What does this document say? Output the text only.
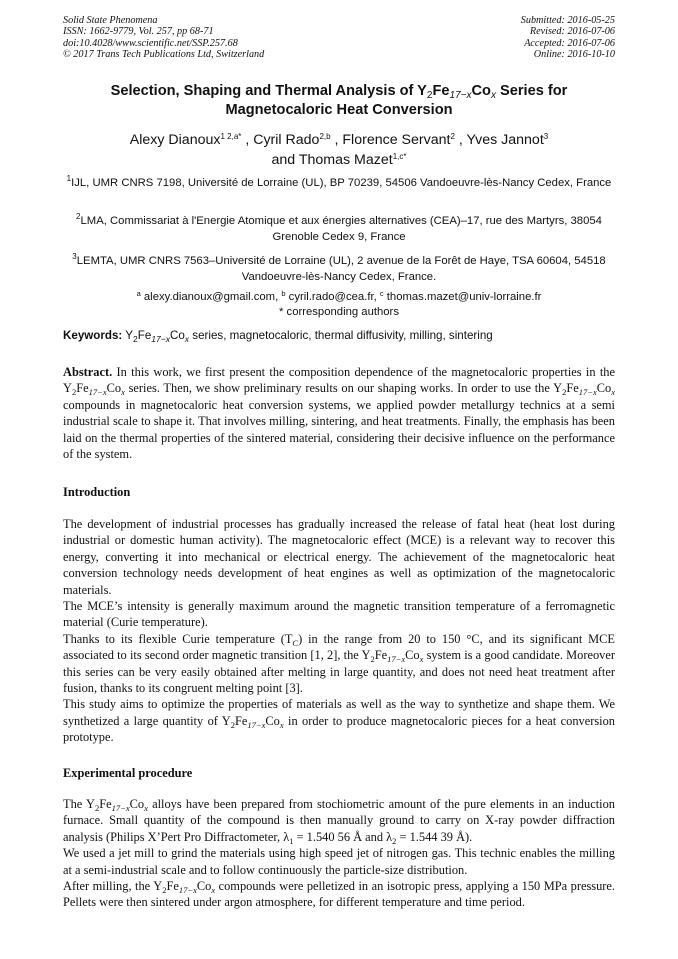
Solid State Phenomena
ISSN: 1662-9779, Vol. 257, pp 68-71
doi:10.4028/www.scientific.net/SSP.257.68
© 2017 Trans Tech Publications Ltd, Switzerland
Submitted: 2016-05-25
Revised: 2016-07-06
Accepted: 2016-07-06
Online: 2016-10-10
Selection, Shaping and Thermal Analysis of $Y_2Fe_{17-x}Co_x$ Series for
Magnetocaloric Heat Conversion
Alexy Dianoux$^{1 2,a*}$ , Cyril Rado$^{2,b}$ , Florence Servant$^2$ , Yves Jannot$^3$
and Thomas Mazet$^{1,c*}$
$^1$IJL, UMR CNRS 7198, Université de Lorraine (UL), BP 70239, 54506 Vandoeuvre-lès-Nancy Cedex, France
$^2$LMA, Commissariat à l'Energie Atomique et aux énergies alternatives (CEA)–17, rue des Martyrs, 38054 Grenoble Cedex 9, France
$^3$LEMTA, UMR CNRS 7563–Université de Lorraine (UL), 2 avenue de la Forêt de Haye, TSA 60604, 54518 Vandoeuvre-lès-Nancy Cedex, France.
$^a$ alexy.dianoux@gmail.com, $^b$ cyril.rado@cea.fr, $^c$ thomas.mazet@univ-lorraine.fr
* corresponding authors
Keywords: $Y_2Fe_{17-x}Co_x$ series, magnetocaloric, thermal diffusivity, milling, sintering
Abstract. In this work, we first present the composition dependence of the magnetocaloric properties in the $Y_2Fe_{17-x}Co_x$ series. Then, we show preliminary results on our shaping works. In order to use the $Y_2Fe_{17-x}Co_x$ compounds in magnetocaloric heat conversion systems, we applied powder metallurgy technics at a semi industrial scale to shape it. That involves milling, sintering, and heat treatments. Finally, the emphasis has been laid on the thermal properties of the sintered material, considering their decisive influence on the performance of the system.
Introduction
The development of industrial processes has gradually increased the release of fatal heat (heat lost during industrial or domestic human activity). The magnetocaloric effect (MCE) is a relevant way to recover this energy, converting it into mechanical or electrical energy. The achievement of the magnetocaloric heat conversion technology needs development of heat engines as well as optimization of the magnetocaloric materials.
The MCE’s intensity is generally maximum around the magnetic transition temperature of a ferromagnetic material (Curie temperature).
Thanks to its flexible Curie temperature $(T_C)$ in the range from 20 to 150 °C, and its significant MCE associated to its second order magnetic transition [1, 2], the $Y_2Fe_{17-x}Co_x$ system is a good candidate. Moreover this series can be very easily obtained after melting in large quantity, and does not need heat treatment after fusion, thanks to its congruent melting point [3].
This study aims to optimize the properties of materials as well as the way to synthetize and shape them. We synthetized a large quantity of $Y_2Fe_{17-x}Co_x$ in order to produce magnetocaloric pieces for a heat conversion prototype.
Experimental procedure
The $Y_2Fe_{17-x}Co_x$ alloys have been prepared from stochiometric amount of the pure elements in an induction furnace. Small quantity of the compound is then manually ground to carry on X-ray powder diffraction analysis (Philips X’Pert Pro Diffractometer, $\lambda_1 = 1.540$ 56 Å and $\lambda_2 = 1.544$ 39 Å).
We used a jet mill to grind the materials using high speed jet of nitrogen gas. This technic enables the milling at a semi-industrial scale and to follow continuously the particle-size distribution.
After milling, the $Y_2Fe_{17-x}Co_x$ compounds were pelletized in an isotropic press, applying a 150 MPa pressure. Pellets were then sintered under argon atmosphere, for different temperature and time period.
